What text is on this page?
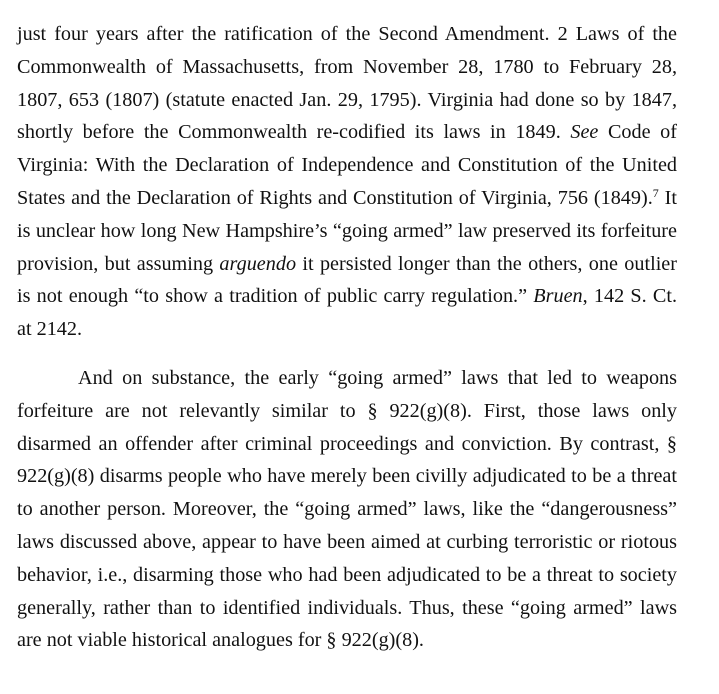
just four years after the ratification of the Second Amendment. 2 Laws of the Commonwealth of Massachusetts, from November 28, 1780 to February 28, 1807, 653 (1807) (statute enacted Jan. 29, 1795). Virginia had done so by 1847, shortly before the Commonwealth re-codified its laws in 1849. See Code of Virginia: With the Declaration of Independence and Constitution of the United States and the Declaration of Rights and Constitution of Virginia, 756 (1849).$^7$ It is unclear how long New Hampshire’s “going armed” law preserved its forfeiture provision, but assuming arguendo it persisted longer than the others, one outlier is not enough “to show a tradition of public carry regulation.” Bruen, 142 S. Ct. at 2142.

And on substance, the early “going armed” laws that led to weapons forfeiture are not relevantly similar to § 922(g)(8). First, those laws only disarmed an offender after criminal proceedings and conviction. By contrast, § 922(g)(8) disarms people who have merely been civilly adjudicated to be a threat to another person. Moreover, the “going armed” laws, like the “dangerousness” laws discussed above, appear to have been aimed at curbing terroristic or riotous behavior, i.e., disarming those who had been adjudicated to be a threat to society generally, rather than to identified individuals. Thus, these “going armed” laws are not viable historical analogues for § 922(g)(8).
